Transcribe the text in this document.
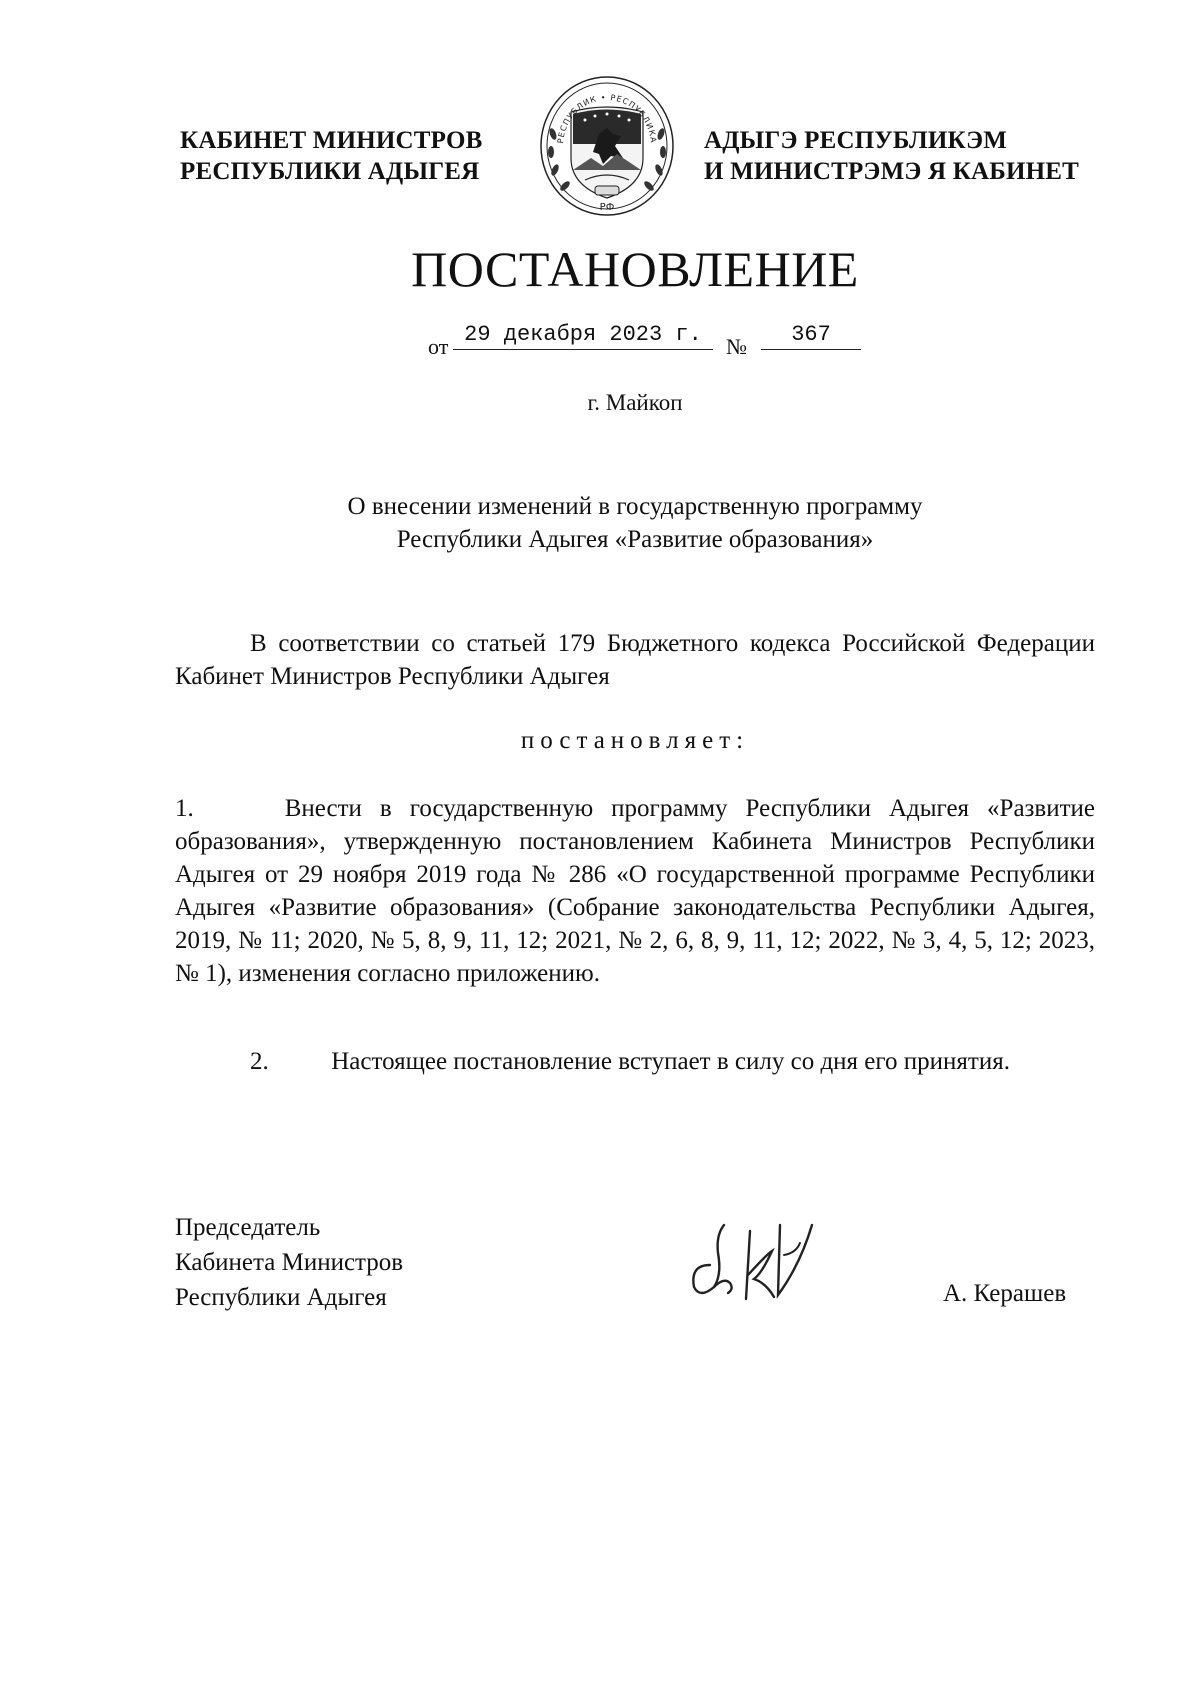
КАБИНЕТ МИНИСТРОВ
РЕСПУБЛИКИ АДЫГЕЯ
РЕСПУБЛИК • РЕСПУБЛИКА
РФ
АДЫГЭ РЕСПУБЛИКЭМ
И МИНИСТРЭМЭ Я КАБИНЕТ
ПОСТАНОВЛЕНИЕ
от 29 декабря 2023 г.	№	367
г. Майкоп
О внесении изменений в государственную программу
Республики Адыгея «Развитие образования»
В соответствии со статьей 179 Бюджетного кодекса Российской Федерации Кабинет Министров Республики Адыгея
постановляет:
1.	Внести в государственную программу Республики Адыгея «Развитие образования», утвержденную постановлением Кабинета Министров Республики Адыгея от 29 ноября 2019 года № 286 «О государственной программе Республики Адыгея «Развитие образования» (Собрание законодательства Республики Адыгея, 2019, № 11; 2020, № 5, 8, 9, 11, 12; 2021, № 2, 6, 8, 9, 11, 12; 2022, № 3, 4, 5, 12; 2023, № 1), изменения согласно приложению.
2.	Настоящее постановление вступает в силу со дня его принятия.
Председатель
Кабинета Министров
Республики Адыгея	А. Керашев
